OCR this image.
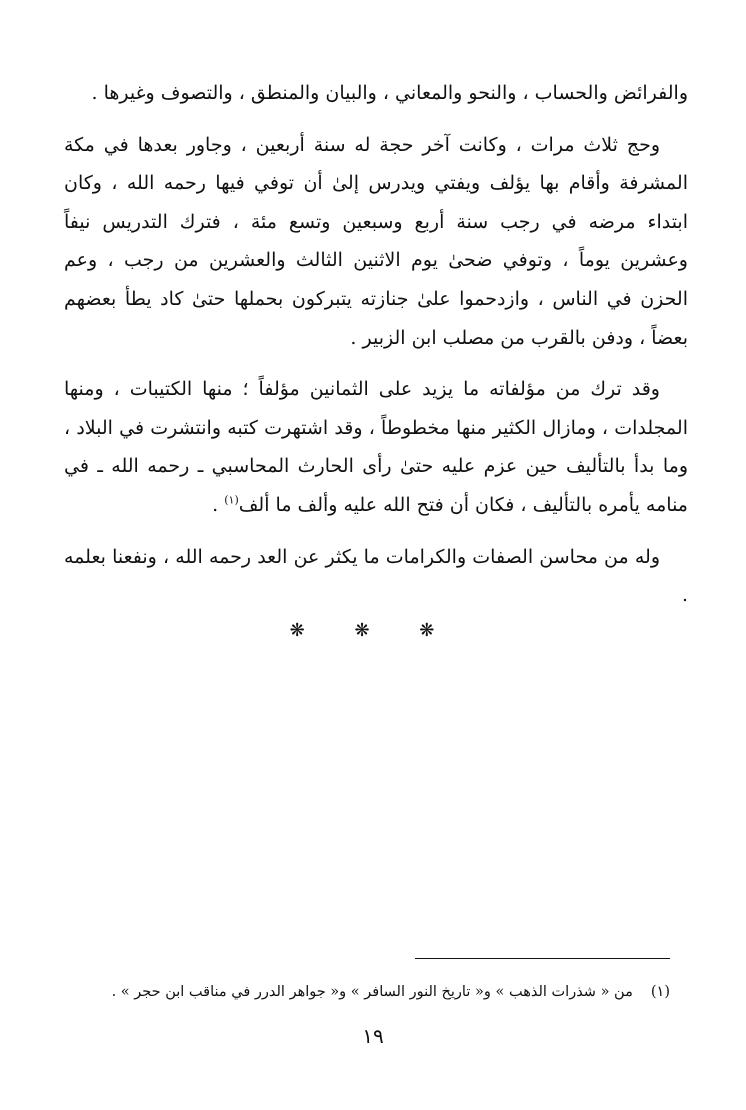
والفرائض والحساب ، والنحو والمعاني ، والبيان والمنطق ، والتصوف وغيرها .

وحج ثلاث مرات ، وكانت آخر حجة له سنة أربعين ، وجاور بعدها في مكة المشرفة وأقام بها يؤلف ويفتي ويدرس إلىٰ أن توفي فيها رحمه الله ، وكان ابتداء مرضه في رجب سنة أربع وسبعين وتسع مئة ، فترك التدريس نيفاً وعشرين يوماً ، وتوفي ضحىٰ يوم الاثنين الثالث والعشرين من رجب ، وعم الحزن في الناس ، وازدحموا علىٰ جنازته يتبركون بحملها حتىٰ كاد يطأ بعضهم بعضاً ، ودفن بالقرب من مصلب ابن الزبير .

وقد ترك من مؤلفاته ما يزيد على الثمانين مؤلفاً ؛ منها الكتيبات ، ومنها المجلدات ، ومازال الكثير منها مخطوطاً ، وقد اشتهرت كتبه وانتشرت في البلاد ، وما بدأ بالتأليف حين عزم عليه حتىٰ رأى الحارث المحاسبي ـ رحمه الله ـ في منامه يأمره بالتأليف ، فكان أن فتح الله عليه وألف ما ألف$^{(١)}$ .

وله من محاسن الصفات والكرامات ما يكثر عن العد رحمه الله ، ونفعنا بعلمه .

❋ ❋ ❋
(١)من « شذرات الذهب » و« تاريخ النور السافر » و« جواهر الدرر في مناقب ابن حجر » .
١٩
